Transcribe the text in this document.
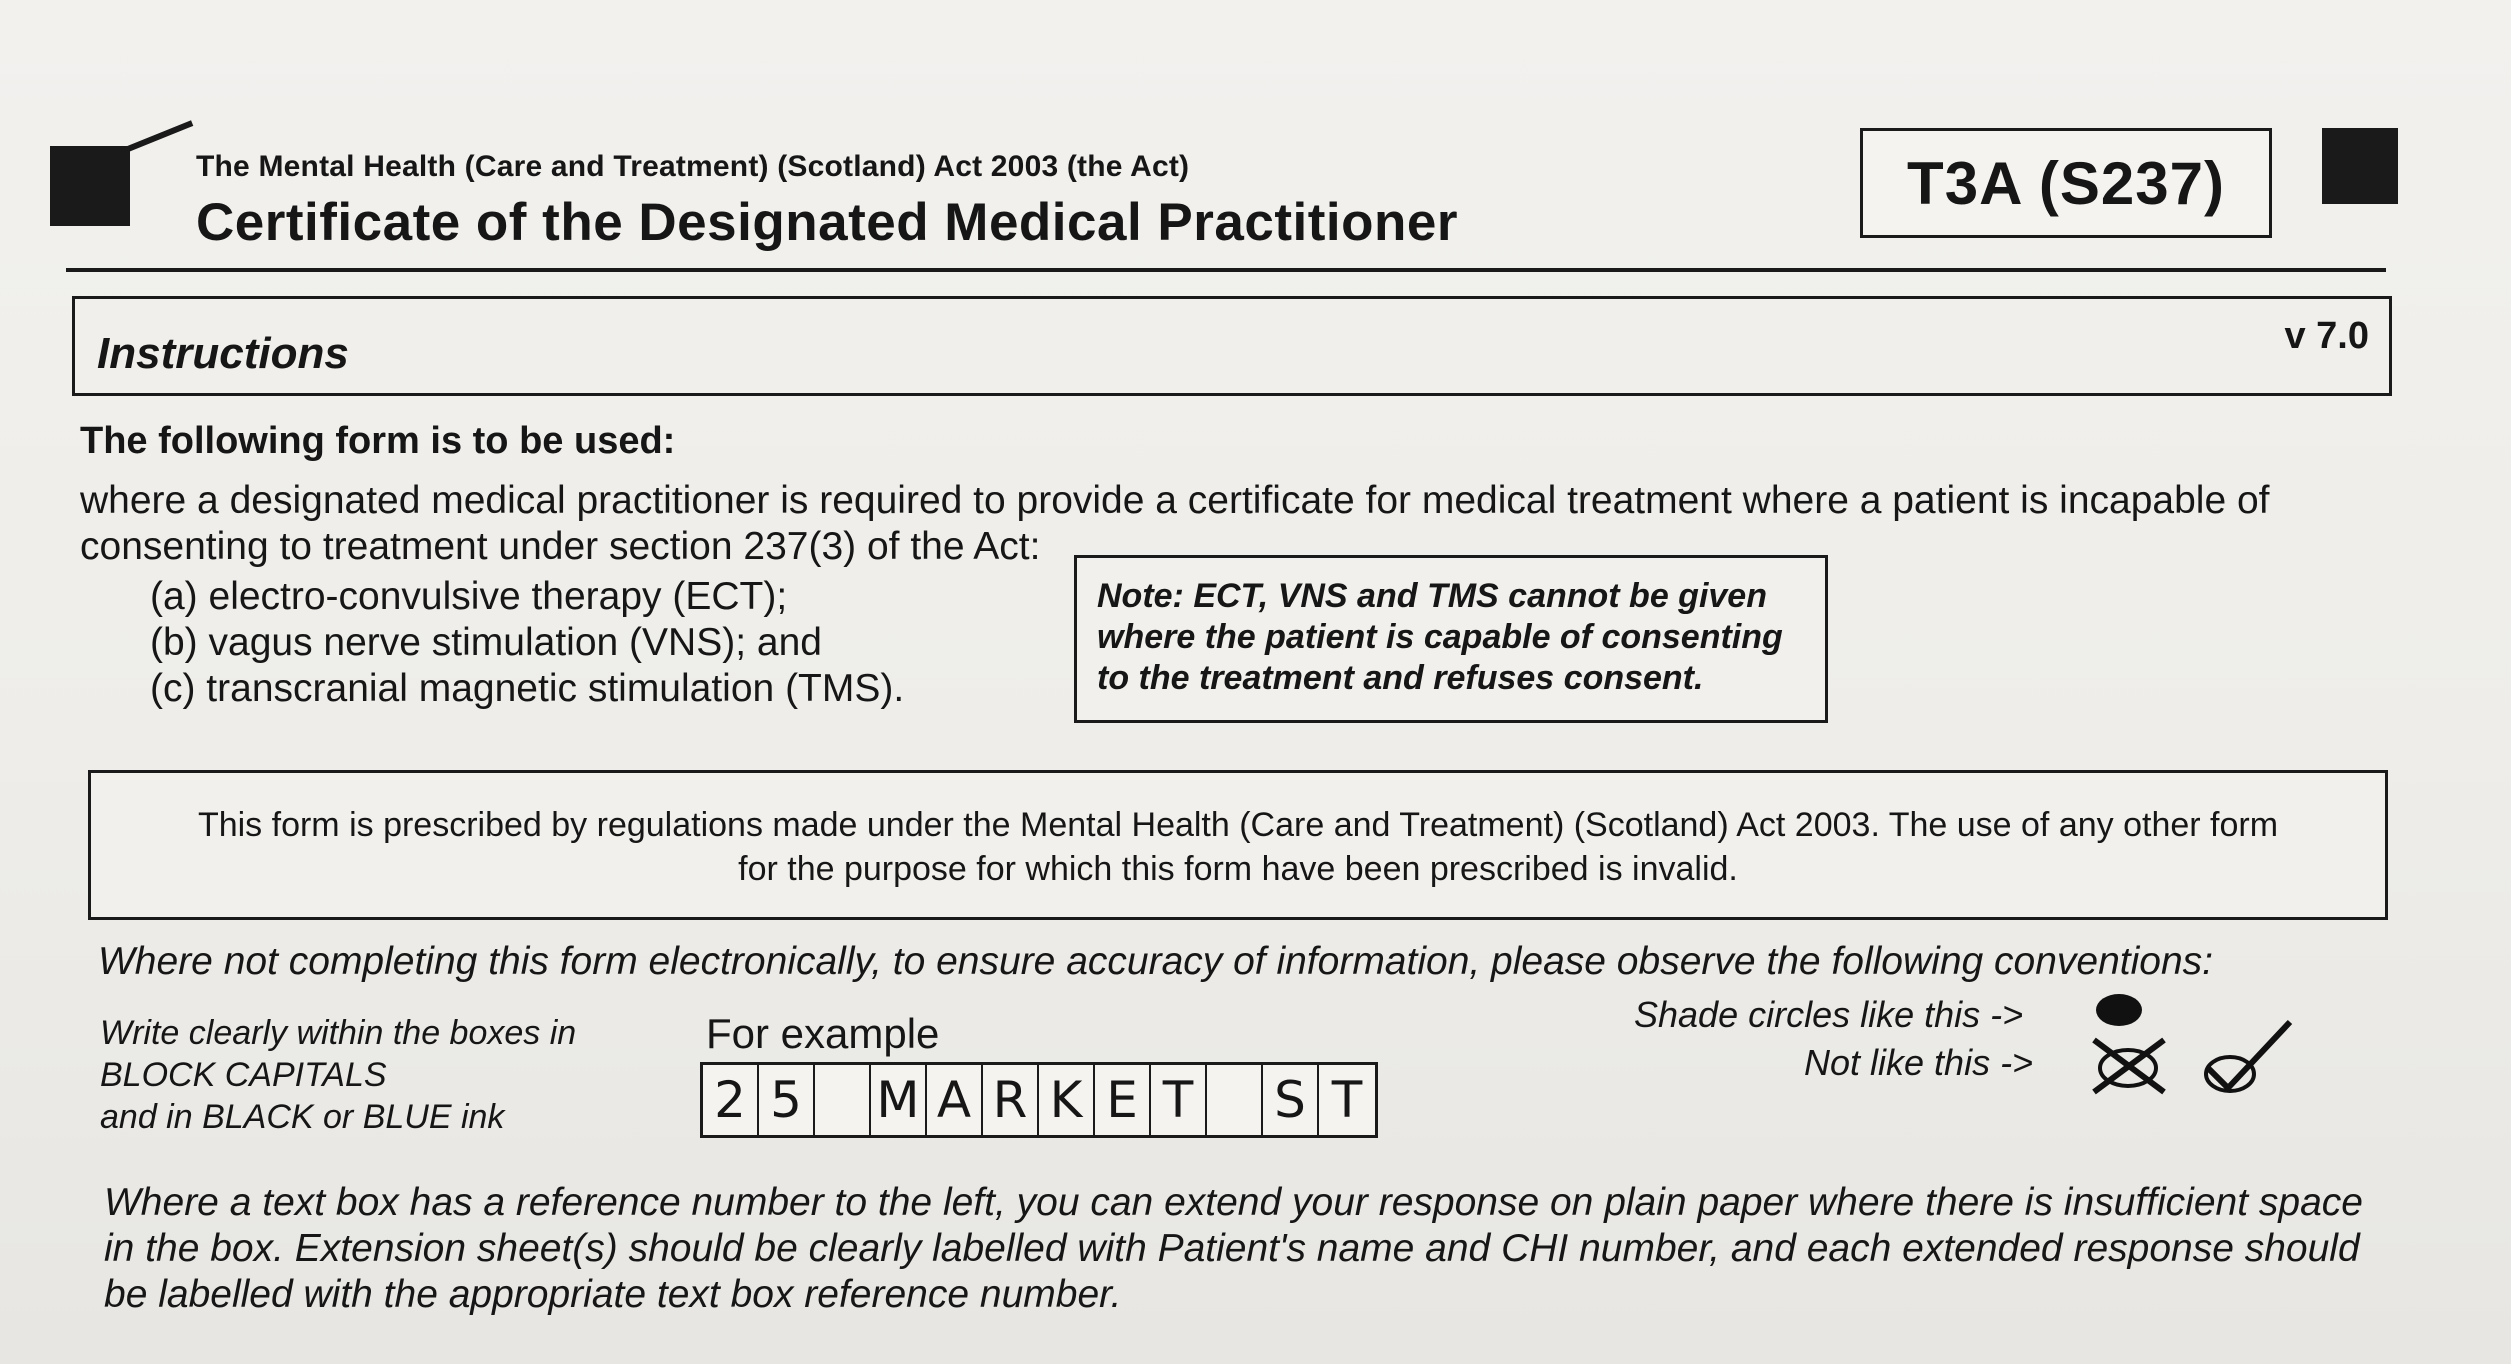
The Mental Health (Care and Treatment) (Scotland) Act 2003 (the Act)
Certificate of the Designated Medical Practitioner
T3A (S237)
Instructions	v 7.0
The following form is to be used:
where a designated medical practitioner is required to provide a certificate for medical treatment where a patient is incapable of consenting to treatment under section 237(3) of the Act:
(a) electro-convulsive therapy (ECT);
(b) vagus nerve stimulation (VNS); and
(c) transcranial magnetic stimulation (TMS).
Note: ECT, VNS and TMS cannot be given where the patient is capable of consenting to the treatment and refuses consent.
This form is prescribed by regulations made under the Mental Health (Care and Treatment) (Scotland) Act 2003. The use of any other form
for the purpose for which this form have been prescribed is invalid.
Where not completing this form electronically, to ensure accuracy of information, please observe the following conventions:
Write clearly within the boxes in
BLOCK CAPITALS
and in BLACK or BLUE ink
For example
2 5 M A R K E T S T
Shade circles like this ->
Not like this ->
Where a text box has a reference number to the left, you can extend your response on plain paper where there is insufficient space in the box. Extension sheet(s) should be clearly labelled with Patient's name and CHI number, and each extended response should be labelled with the appropriate text box reference number.
